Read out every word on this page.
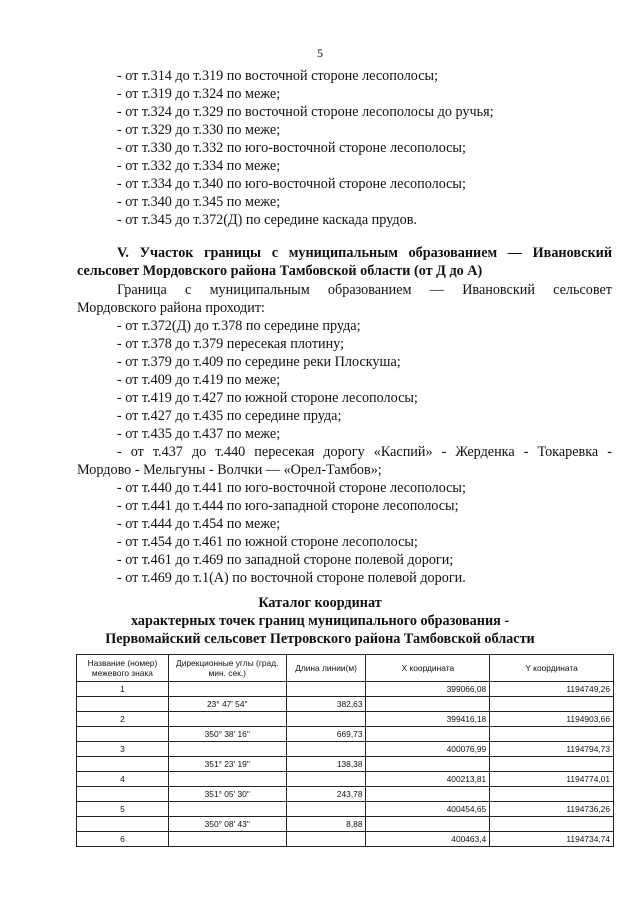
5
- от т.314 до т.319 по восточной стороне лесополосы;
- от т.319 до т.324 по меже;
- от т.324 до т.329 по восточной стороне лесополосы до ручья;
- от т.329 до т.330 по меже;
- от т.330 до т.332 по юго-восточной стороне лесополосы;
- от т.332 до т.334 по меже;
- от т.334 до т.340 по юго-восточной стороне лесополосы;
- от т.340 до т.345 по меже;
- от т.345 до т.372(Д) по середине каскада прудов.
V. Участок границы с муниципальным образованием — Ивановский
сельсовет Мордовского района Тамбовской области (от Д до А)
Граница с муниципальным образованием — Ивановский сельсовет
Мордовского района проходит:
- от т.372(Д) до т.378 по середине пруда;
- от т.378 до т.379 пересекая плотину;
- от т.379 до т.409 по середине реки Плоскуша;
- от т.409 до т.419 по меже;
- от т.419 до т.427 по южной стороне лесополосы;
- от т.427 до т.435 по середине пруда;
- от т.435 до т.437 по меже;
- от т.437 до т.440 пересекая дорогу «Каспий» - Жерденка - Токаревка -
Мордово - Мельгуны - Волчки — «Орел-Тамбов»;
- от т.440 до т.441 по юго-восточной стороне лесополосы;
- от т.441 до т.444 по юго-западной стороне лесополосы;
- от т.444 до т.454 по меже;
- от т.454 до т.461 по южной стороне лесополосы;
- от т.461 до т.469 по западной стороне полевой дороги;
- от т.469 до т.1(А) по восточной стороне полевой дороги.
Каталог координат
характерных точек границ муниципального образования -
Первомайский сельсовет Петровского района Тамбовской области
Название (номер) межевого знака	Дирекционные углы (град. мин. сек.)	Длина линии(м)	X координата	Y координата
1			399066,08	1194749,26
	23° 47' 54"	382,63		
2			399416,18	1194903,66
	350° 38' 16"	669,73		
3			400076,99	1194794,73
	351° 23' 19"	138,38		
4			400213,81	1194774,01
	351° 05' 30"	243,78		
5			400454,65	1194736,26
	350° 08' 43"	8,88		
6			400463,4	1194734,74
